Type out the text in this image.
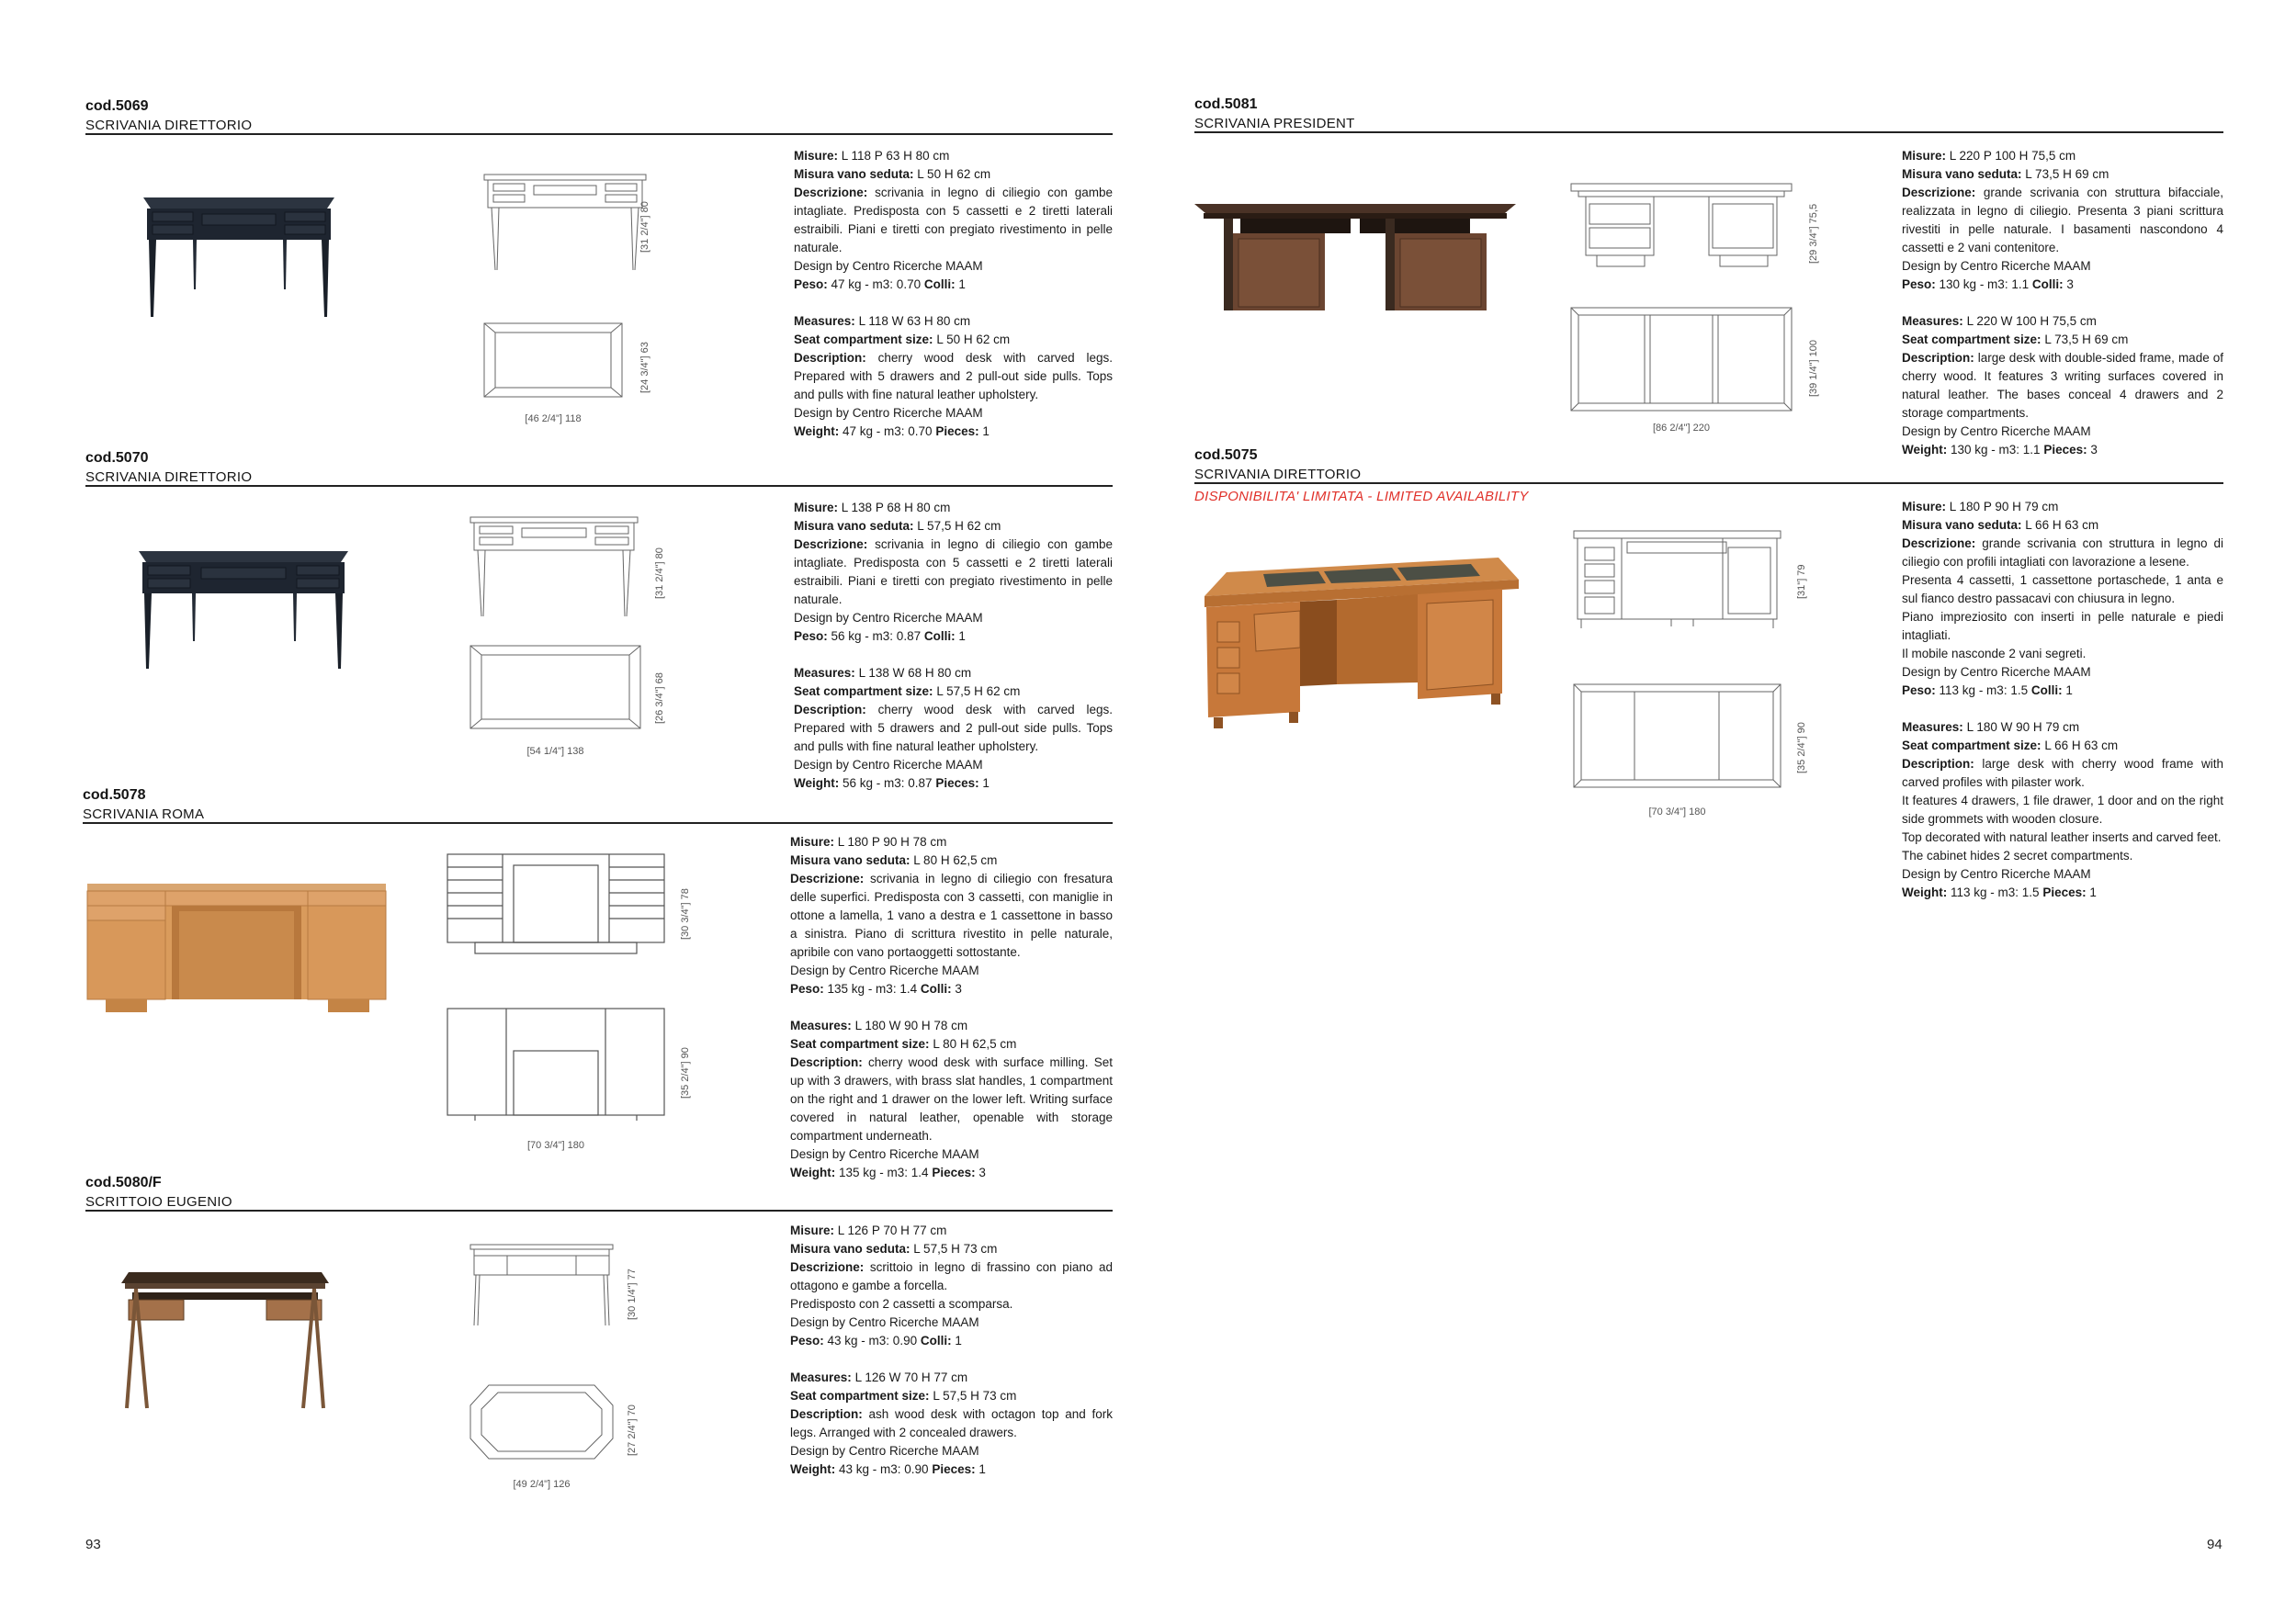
cod.5069
SCRIVANIA DIRETTORIO
[31 2/4"] 80
[24 3/4"] 63
[46 2/4"] 118

Misure: L 118 P 63 H 80 cm

Misura vano seduta: L 50 H 62 cm

Descrizione: scrivania in legno di ciliegio con gambe intagliate. Predisposta con 5 cassetti e 2 tiretti laterali estraibili. Piani e tiretti con pregiato rivestimento in pelle naturale.

Design by Centro Ricerche MAAM

Peso: 47 kg - m3: 0.70 Colli: 1

Measures: L 118 W 63 H 80 cm

Seat compartment size: L 50 H 62 cm

Description: cherry wood desk with carved legs. Prepared with 5 drawers and 2 pull-out side pulls. Tops and pulls with fine natural leather upholstery.

Design by Centro Ricerche MAAM

Weight: 47 kg - m3: 0.70 Pieces: 1

cod.5070
SCRIVANIA DIRETTORIO
[31 2/4"] 80
[26 3/4"] 68
[54 1/4"] 138

Misure: L 138 P 68 H 80 cm

Misura vano seduta: L 57,5 H 62 cm

Descrizione: scrivania in legno di ciliegio con gambe intagliate. Predisposta con 5 cassetti e 2 tiretti laterali estraibili. Piani e tiretti con pregiato rivestimento in pelle naturale.

Design by Centro Ricerche MAAM

Peso: 56 kg - m3: 0.87 Colli: 1

Measures: L 138 W 68 H 80 cm

Seat compartment size: L 57,5 H 62 cm

Description: cherry wood desk with carved legs. Prepared with 5 drawers and 2 pull-out side pulls. Tops and pulls with fine natural leather upholstery.

Design by Centro Ricerche MAAM

Weight: 56 kg - m3: 0.87 Pieces: 1

cod.5078
SCRIVANIA ROMA
[30 3/4"] 78
[35 2/4"] 90
[70 3/4"] 180

Misure: L 180 P 90 H 78 cm

Misura vano seduta: L 80 H 62,5 cm

Descrizione: scrivania in legno di ciliegio con fresatura delle superfici. Predisposta con 3 cassetti, con maniglie in ottone a lamella, 1 vano a destra e 1 cassettone in basso a sinistra. Piano di scrittura rivestito in pelle naturale, apribile con vano portaoggetti sottostante.

Design by Centro Ricerche MAAM

Peso: 135 kg - m3: 1.4 Colli: 3

Measures: L 180 W 90 H 78 cm

Seat compartment size: L 80 H 62,5 cm

Description: cherry wood desk with surface milling. Set up with 3 drawers, with brass slat handles, 1 compartment on the right and 1 drawer on the lower left. Writing surface covered in natural leather, openable with storage compartment underneath.

Design by Centro Ricerche MAAM

Weight: 135 kg - m3: 1.4 Pieces: 3

cod.5080/F
SCRITTOIO EUGENIO
[30 1/4"] 77
[27 2/4"] 70
[49 2/4"] 126

Misure: L 126 P 70 H 77 cm

Misura vano seduta: L 57,5 H 73 cm

Descrizione: scrittoio in legno di frassino con piano ad ottagono e gambe a forcella.

Predisposto con 2 cassetti a scomparsa.

Design by Centro Ricerche MAAM

Peso: 43 kg - m3: 0.90 Colli: 1

Measures: L 126 W 70 H 77 cm

Seat compartment size: L 57,5 H 73 cm

Description: ash wood desk with octagon top and fork legs. Arranged with 2 concealed drawers.

Design by Centro Ricerche MAAM

Weight: 43 kg - m3: 0.90 Pieces: 1

93
cod.5081
SCRIVANIA PRESIDENT
[29 3/4"] 75,5
[39 1/4"] 100
[86 2/4"] 220

Misure: L 220 P 100 H 75,5 cm

Misura vano seduta: L 73,5 H 69 cm

Descrizione: grande scrivania con struttura bifacciale, realizzata in legno di ciliegio. Presenta 3 piani scrittura rivestiti in pelle naturale. I basamenti nascondono 4 cassetti e 2 vani contenitore.

Design by Centro Ricerche MAAM

Peso: 130 kg - m3: 1.1 Colli: 3

Measures: L 220 W 100 H 75,5 cm

Seat compartment size: L 73,5 H 69 cm

Description: large desk with double-sided frame, made of cherry wood. It features 3 writing surfaces covered in natural leather. The bases conceal 4 drawers and 2 storage compartments.

Design by Centro Ricerche MAAM

Weight: 130 kg - m3: 1.1 Pieces: 3

cod.5075
SCRIVANIA DIRETTORIO
DISPONIBILITA' LIMITATA - LIMITED AVAILABILITY
[31"] 79
[35 2/4"] 90
[70 3/4"] 180

Misure: L 180 P 90 H 79 cm

Misura vano seduta: L 66 H 63 cm

Descrizione: grande scrivania con struttura in legno di ciliegio con profili intagliati con lavorazione a lesene.

Presenta 4 cassetti, 1 cassettone portaschede, 1 anta e sul fianco destro passacavi con chiusura in legno.

Piano impreziosito con inserti in pelle naturale e piedi intagliati.

Il mobile nasconde 2 vani segreti.

Design by Centro Ricerche MAAM

Peso: 113 kg - m3: 1.5 Colli: 1

Measures: L 180 W 90 H 79 cm

Seat compartment size: L 66 H 63 cm

Description: large desk with cherry wood frame with carved profiles with pilaster work.

It features 4 drawers, 1 file drawer, 1 door and on the right side grommets with wooden closure.

Top decorated with natural leather inserts and carved feet.

The cabinet hides 2 secret compartments.

Design by Centro Ricerche MAAM

Weight: 113 kg - m3: 1.5 Pieces: 1

94
